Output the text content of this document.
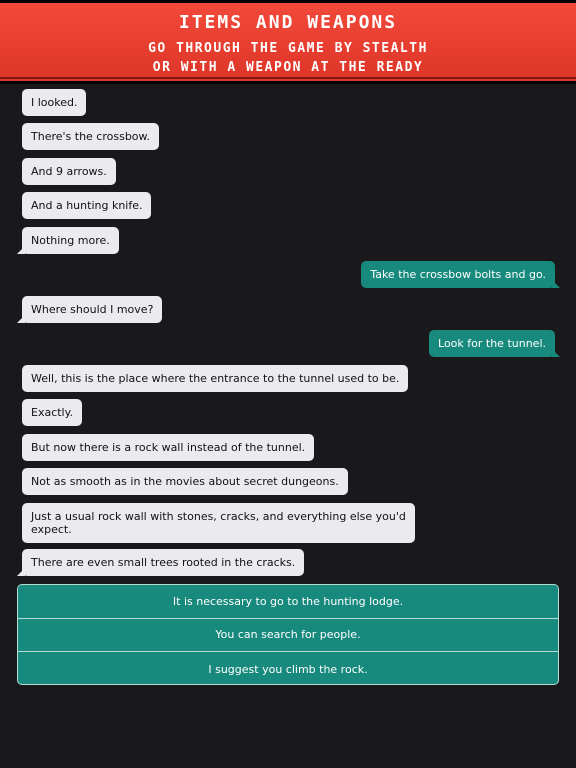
ITEMS AND WEAPONS
GO THROUGH THE GAME BY STEALTH
OR WITH A WEAPON AT THE READY
I looked.
There's the crossbow.
And 9 arrows.
And a hunting knife.
Nothing more.
Take the crossbow bolts and go.
Where should I move?
Look for the tunnel.
Well, this is the place where the entrance to the tunnel used to be.
Exactly.
But now there is a rock wall instead of the tunnel.
Not as smooth as in the movies about secret dungeons.
Just a usual rock wall with stones, cracks, and everything else you'd
expect.
There are even small trees rooted in the cracks.
It is necessary to go to the hunting lodge.
You can search for people.
I suggest you climb the rock.
